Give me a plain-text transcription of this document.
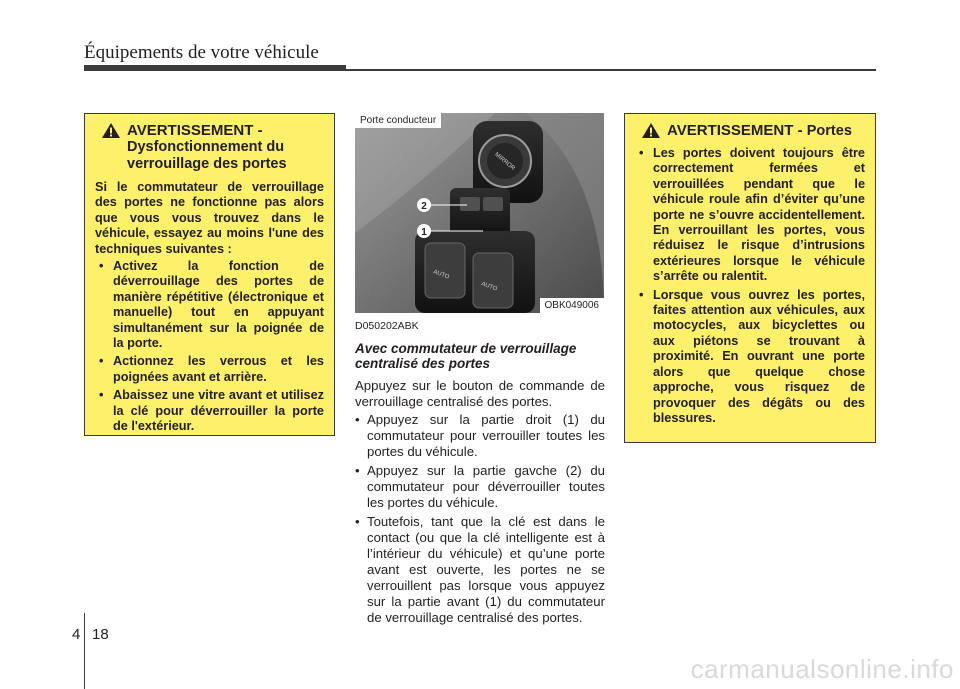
Équipements de votre véhicule
AVERTISSEMENT -
Dysfonctionnement du verrouillage des portes
Si le commutateur de verrouillage des portes ne fonctionne pas alors que vous vous trouvez dans le véhicule, essayez au moins l'une des techniques suivantes :
• Activez la fonction de déverrouillage des portes de manière répétitive (électronique et manuelle) tout en appuyant simultanément sur la poignée de la porte.
• Actionnez les verrous et les poignées avant et arrière.
• Abaissez une vitre avant et utilisez la clé pour déverrouiller la porte de l'extérieur.
MIRROR
AUTO
AUTO
2
1
Porte conducteur
OBK049006
D050202ABK
Avec commutateur de verrouillage centralisé des portes
Appuyez sur le bouton de commande de verrouillage centralisé des portes.
• Appuyez sur la partie droit (1) du commutateur pour verrouiller toutes les portes du véhicule.
• Appuyez sur la partie gavche (2) du commutateur pour déverrouiller toutes les portes du véhicule.
• Toutefois, tant que la clé est dans le contact (ou que la clé intelligente est à l’intérieur du véhicule) et qu’une porte avant est ouverte, les portes ne se verrouillent pas lorsque vous appuyez sur la partie avant (1) du commutateur de verrouillage centralisé des portes.
AVERTISSEMENT - Portes
• Les portes doivent toujours être correctement fermées et verrouillées pendant que le véhicule roule afin d’éviter qu’une porte ne s’ouvre accidentellement. En verrouillant les portes, vous réduisez le risque d’intrusions extérieures lorsque le véhicule s’arrête ou ralentit.
• Lorsque vous ouvrez les portes, faites attention aux véhicules, aux motocycles, aux bicyclettes ou aux piétons se trouvant à proximité. En ouvrant une porte alors que quelque chose approche, vous risquez de provoquer des dégâts ou des blessures.
4 18
carmanualsonline.info
